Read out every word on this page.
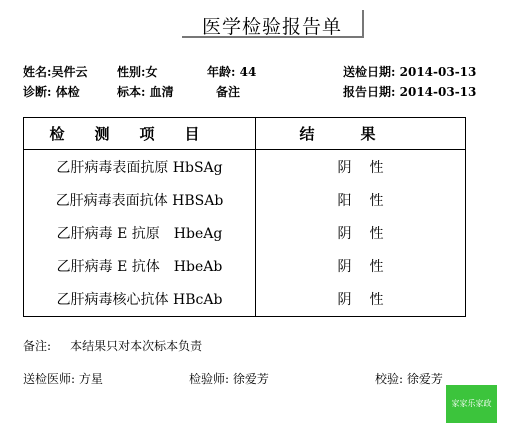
医学检验报告单
姓名:吴件云 性别:女	年龄: 44	送检日期: 2014-03-13
诊断: 体检	标本: 血清	备注	报告日期: 2014-03-13
检测项目	结果
乙肝病毒表面抗原 HbSAg	阴性
乙肝病毒表面抗体 HBSAb	阳性
乙肝病毒 E 抗原　HbeAg	阴性
乙肝病毒 E 抗体　HbeAb	阴性
乙肝病毒核心抗体 HBcAb	阴性
备注: 本结果只对本次标本负责
送检医师: 方星	检验师: 徐爱芳	校验: 徐爱芳
家家乐家政
